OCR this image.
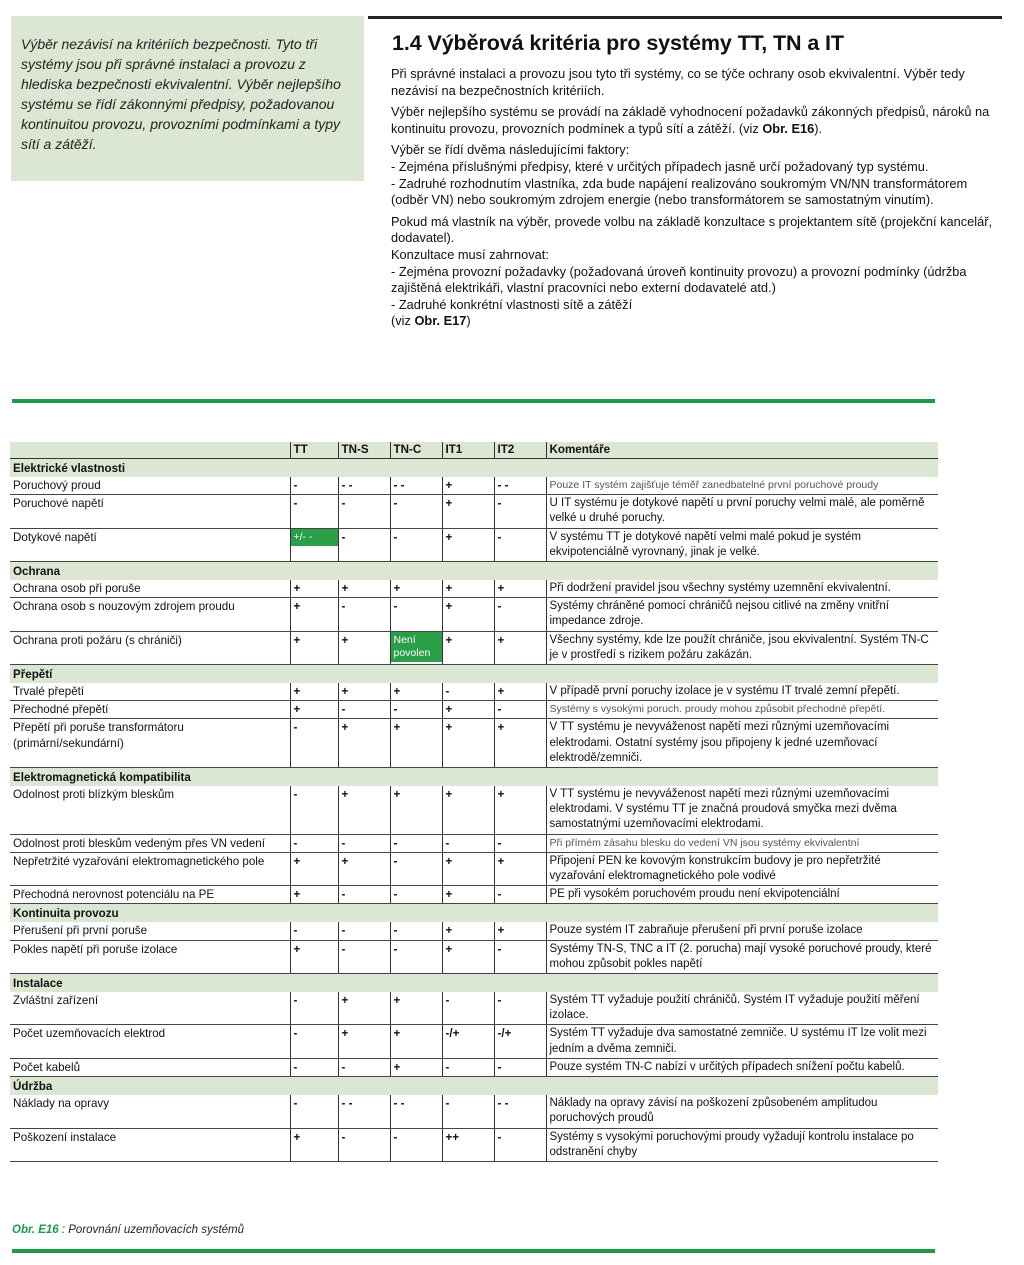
Výběr nezávisí na kritériích bezpečnosti. Tyto tři systémy jsou při správné instalaci a provozu z hlediska bezpečnosti ekvivalentní. Výběr nejlepšího systému se řídí zákonnými předpisy, požadovanou kontinuitou provozu, provozními podmínkami a typy sítí a zátěží.

1.4 Výběrová kritéria pro systémy TT, TN a IT

Při správné instalaci a provozu jsou tyto tři systémy, co se týče ochrany osob ekvivalentní. Výběr tedy nezávisí na bezpečnostních kritériích.

Výběr nejlepšího systému se provádí na základě vyhodnocení požadavků zákonných předpisů, nároků na kontinuitu provozu, provozních podmínek a typů sítí a zátěží. (viz Obr. E16).

Výběr se řídí dvěma následujícími faktory:

- Zejména příslušnými předpisy, které v určitých případech jasně určí požadovaný typ systému.

- Zadruhé rozhodnutím vlastníka, zda bude napájení realizováno soukromým VN/NN transformátorem (odběr VN) nebo soukromým zdrojem energie (nebo transformátorem se samostatným vinutím).

Pokud má vlastník na výběr, provede volbu na základě konzultace s projektantem sítě (projekční kancelář, dodavatel).

Konzultace musí zahrnovat:

- Zejména provozní požadavky (požadovaná úroveň kontinuity provozu) a provozní podmínky (údržba zajištěná elektrikáři, vlastní pracovníci nebo externí dodavatelé atd.)

- Zadruhé konkrétní vlastnosti sítě a zátěží

(viz Obr. E17)

	TT	TN-S	TN-C	IT1	IT2	Komentáře
Elektrické vlastnosti						
Poruchový proud	-	- -	- -	+	- -	Pouze IT systém zajišťuje téměř zanedbatelné první poruchové proudy
Poruchové napětí	-	-	-	+	-	U IT systému je dotykové napětí u první poruchy velmi malé, ale poměrně velké u druhé poruchy.
Dotykové napětí	+/- -	-	-	+	-	V systému TT je dotykové napětí velmi malé pokud je systém ekvipotenciálně vyrovnaný, jinak je velké.
Ochrana						
Ochrana osob při poruše	+	+	+	+	+	Při dodržení pravidel jsou všechny systémy uzemnění ekvivalentní.
Ochrana osob s nouzovým zdrojem proudu	+	-	-	+	-	Systémy chráněné pomocí chráničů nejsou citlivé na změny vnitřní impedance zdroje.
Ochrana proti požáru (s chrániči)	+	+	Není povolen	+	+	Všechny systémy, kde lze použít chrániče, jsou ekvivalentní. Systém TN-C je v prostředí s rizikem požáru zakázán.
Přepětí						
Trvalé přepětí	+	+	+	-	+	V případě první poruchy izolace je v systému IT trvalé zemní přepětí.
Přechodné přepětí	+	-	-	+	-	Systémy s vysokými poruch. proudy mohou způsobit přechodné přepětí.
Přepětí při poruše transformátoru (primární/sekundární)	-	+	+	+	+	V TT systému je nevyváženost napětí mezi různými uzemňovacími elektrodami. Ostatní systémy jsou připojeny k jedné uzemňovací elektrodě/zemniči.
Elektromagnetická kompatibilita						
Odolnost proti blízkým bleskům	-	+	+	+	+	V TT systému je nevyváženost napětí mezi různými uzemňovacími elektrodami. V systému TT je značná proudová smyčka mezi dvěma samostatnými uzemňovacími elektrodami.
Odolnost proti bleskům vedeným přes VN vedení	-	-	-	-	-	Při přímém zásahu blesku do vedení VN jsou systémy ekvivalentní
Nepřetržité vyzařování elektromagnetického pole	+	+	-	+	+	Připojení PEN ke kovovým konstrukcím budovy je pro nepřetržité vyzařování elektromagnetického pole vodivé
Přechodná nerovnost potenciálu na PE	+	-	-	+	-	PE při vysokém poruchovém proudu není ekvipotenciální
Kontinuita provozu						
Přerušení při první poruše	-	-	-	+	+	Pouze systém IT zabraňuje přerušení při první poruše izolace
Pokles napětí při poruše izolace	+	-	-	+	-	Systémy TN-S, TNC a IT (2. porucha) mají vysoké poruchové proudy, které mohou způsobit pokles napětí
Instalace						
Zvláštní zařízení	-	+	+	-	-	Systém TT vyžaduje použití chráničů. Systém IT vyžaduje použití měření izolace.
Počet uzemňovacích elektrod	-	+	+	-/+	-/+	Systém TT vyžaduje dva samostatné zemniče. U systému IT lze volit mezi jedním a dvěma zemniči.
Počet kabelů	-	-	+	-	-	Pouze systém TN-C nabízí v určitých případech snížení počtu kabelů.
Údržba						
Náklady na opravy	-	- -	- -	-	- -	Náklady na opravy závisí na poškození způsobeném amplitudou poruchových proudů
Poškození instalace	+	-	-	++	-	Systémy s vysokými poruchovými proudy vyžadují kontrolu instalace po odstranění chyby
Obr. E16 : Porovnání uzemňovacích systémů
